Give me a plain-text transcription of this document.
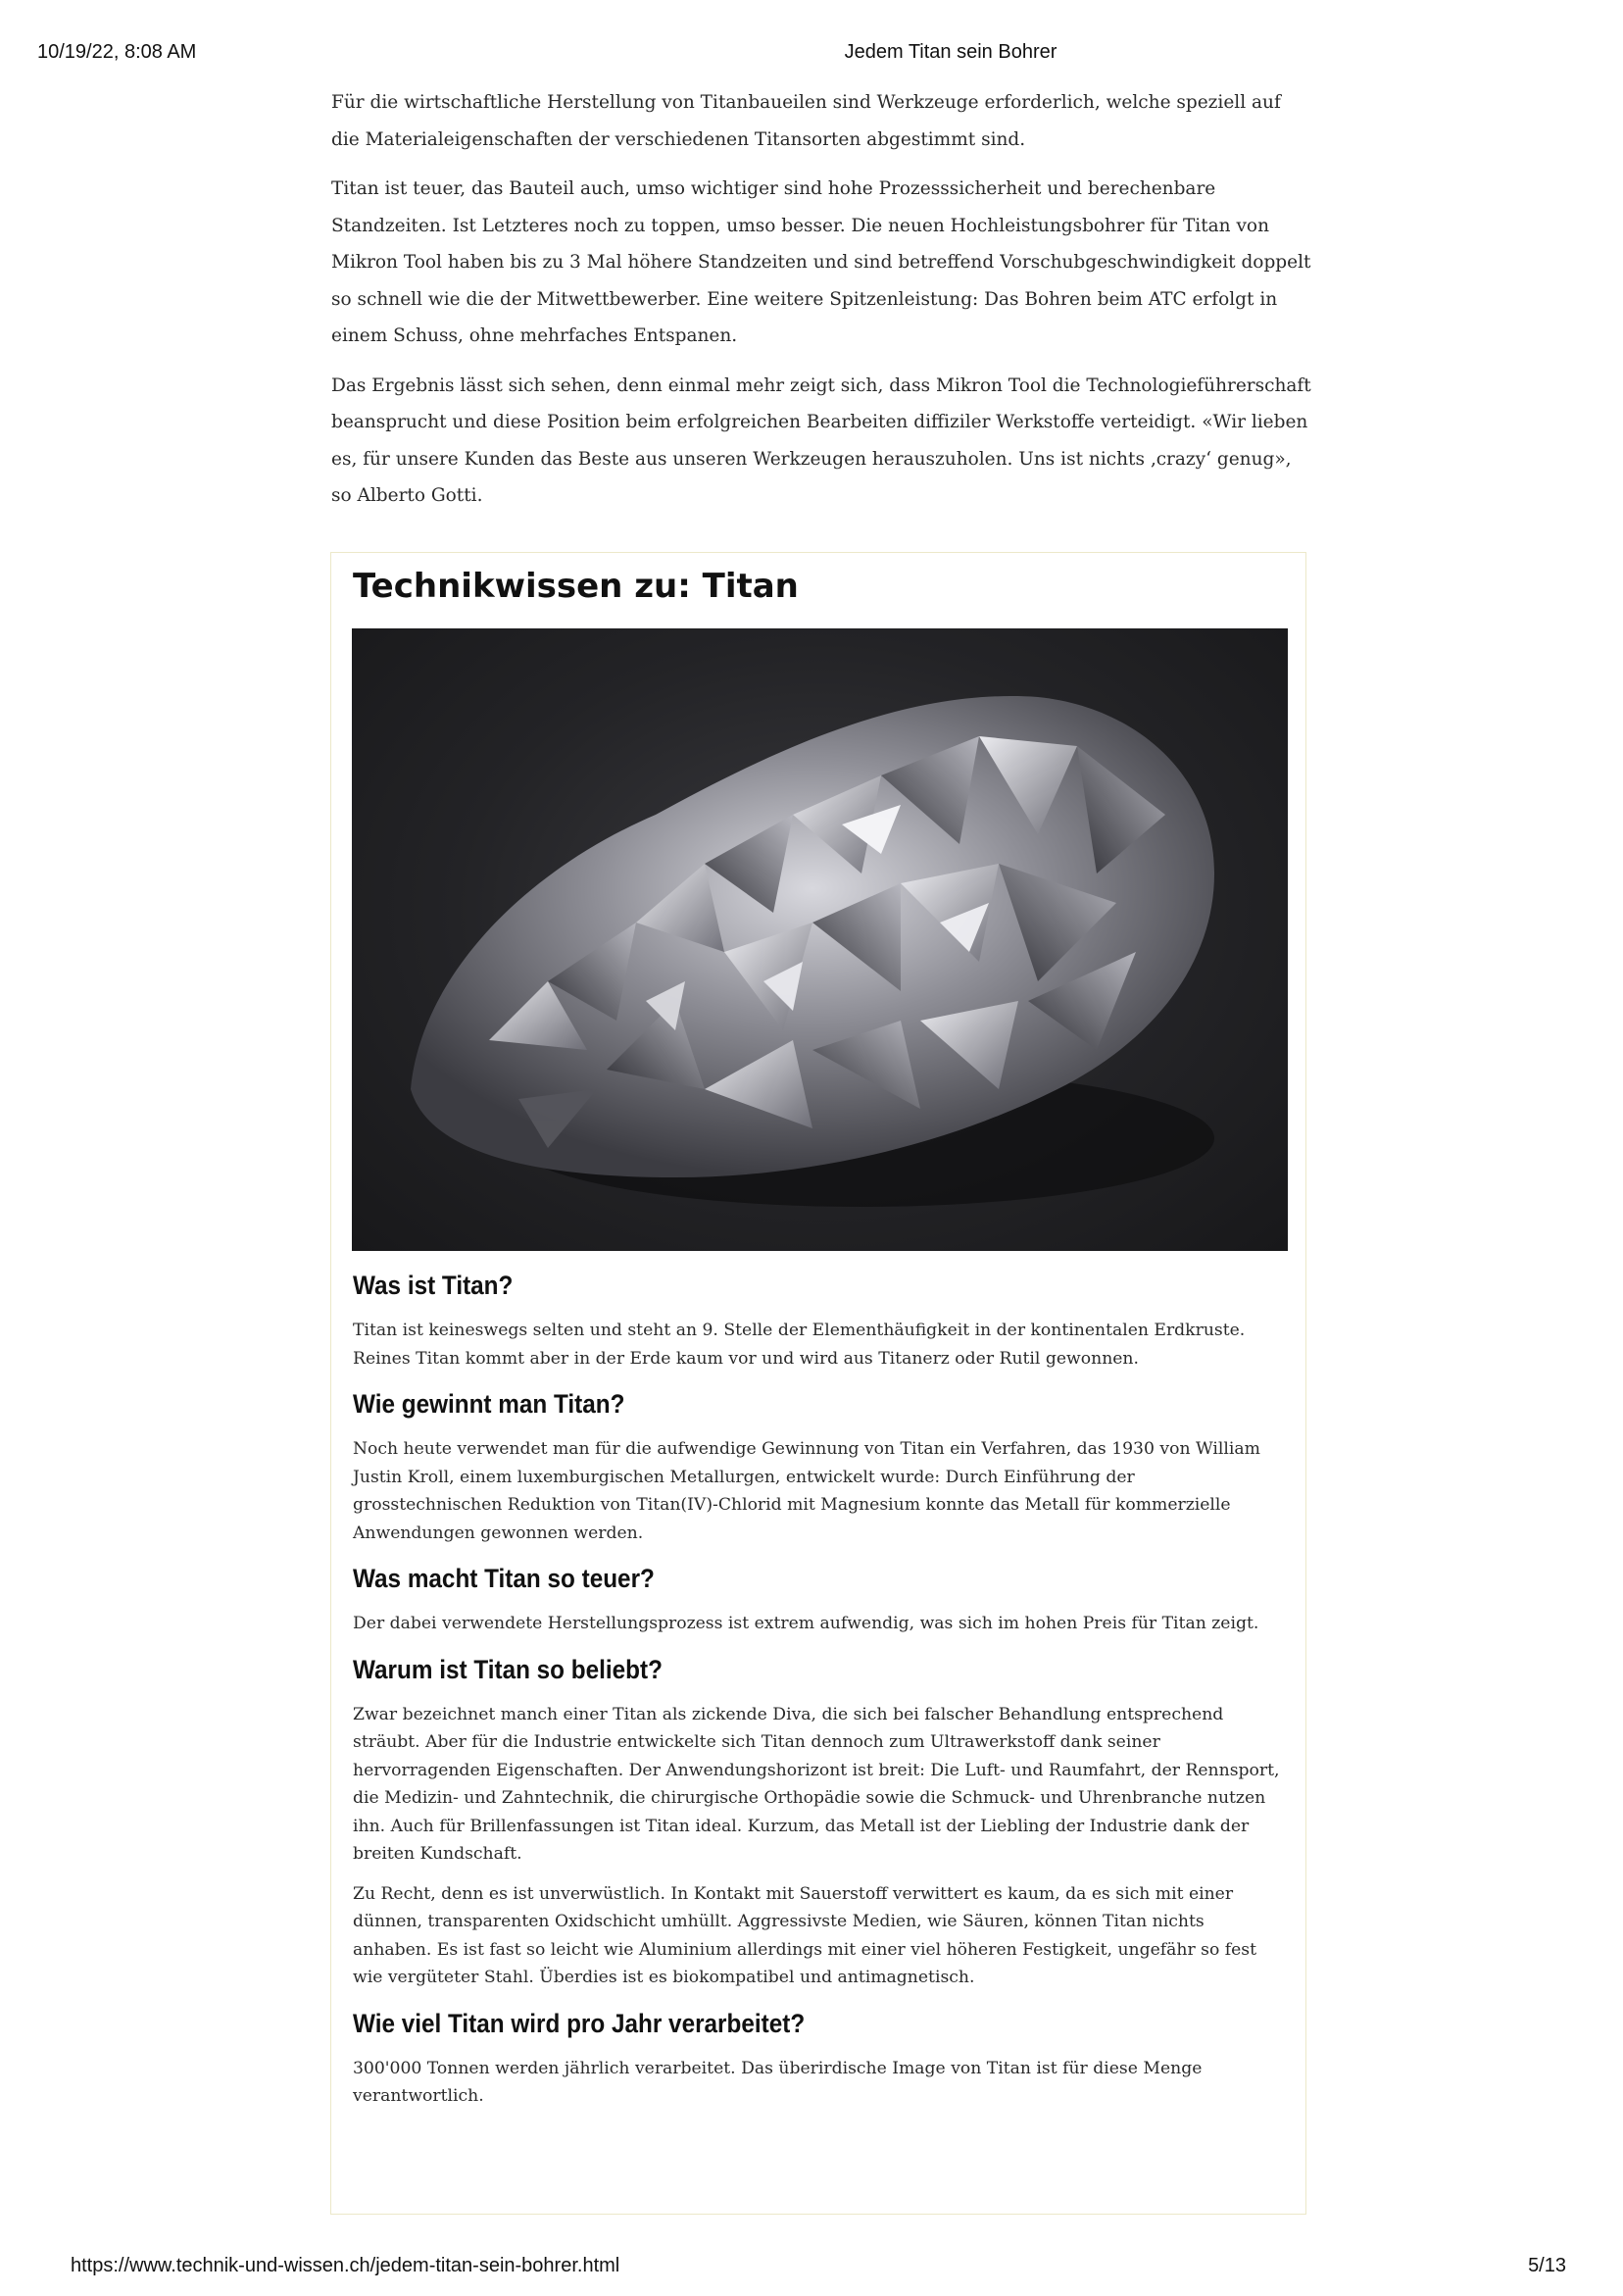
10/19/22, 8:08 AM	Jedem Titan sein Bohrer

Für die wirtschaftliche Herstellung von Titanbaueilen sind Werkzeuge erforderlich, welche speziell auf die Materialeigenschaften der verschiedenen Titansorten abgestimmt sind.

Titan ist teuer, das Bauteil auch, umso wichtiger sind hohe Prozesssicherheit und berechenbare Standzeiten. Ist Letzteres noch zu toppen, umso besser. Die neuen Hochleistungsbohrer für Titan von Mikron Tool haben bis zu 3 Mal höhere Standzeiten und sind betreffend Vorschubgeschwindigkeit doppelt so schnell wie die der Mitwettbewerber. Eine weitere Spitzenleistung: Das Bohren beim ATC erfolgt in einem Schuss, ohne mehrfaches Entspanen.

Das Ergebnis lässt sich sehen, denn einmal mehr zeigt sich, dass Mikron Tool die Technologieführerschaft beansprucht und diese Position beim erfolgreichen Bearbeiten diffiziler Werkstoffe verteidigt. «Wir lieben es, für unsere Kunden das Beste aus unseren Werkzeugen herauszuholen. Uns ist nichts ‚crazy‘ genug», so Alberto Gotti.

Technikwissen zu: Titan
Was ist Titan?

Titan ist keineswegs selten und steht an 9. Stelle der Elementhäufigkeit in der kontinentalen Erdkruste. Reines Titan kommt aber in der Erde kaum vor und wird aus Titanerz oder Rutil gewonnen.

Wie gewinnt man Titan?

Noch heute verwendet man für die aufwendige Gewinnung von Titan ein Verfahren, das 1930 von William Justin Kroll, einem luxemburgischen Metallurgen, entwickelt wurde: Durch Einführung der grosstechnischen Reduktion von Titan(IV)-Chlorid mit Magnesium konnte das Metall für kommerzielle Anwendungen gewonnen werden.

Was macht Titan so teuer?

Der dabei verwendete Herstellungsprozess ist extrem aufwendig, was sich im hohen Preis für Titan zeigt.

Warum ist Titan so beliebt?

Zwar bezeichnet manch einer Titan als zickende Diva, die sich bei falscher Behandlung entsprechend sträubt. Aber für die Industrie entwickelte sich Titan dennoch zum Ultrawerkstoff dank seiner hervorragenden Eigenschaften. Der Anwendungshorizont ist breit: Die Luft- und Raumfahrt, der Rennsport, die Medizin- und Zahntechnik, die chirurgische Orthopädie sowie die Schmuck- und Uhrenbranche nutzen ihn. Auch für Brillenfassungen ist Titan ideal. Kurzum, das Metall ist der Liebling der Industrie dank der breiten Kundschaft.

Zu Recht, denn es ist unverwüstlich. In Kontakt mit Sauerstoff verwittert es kaum, da es sich mit einer dünnen, transparenten Oxidschicht umhüllt. Aggressivste Medien, wie Säuren, können Titan nichts anhaben. Es ist fast so leicht wie Aluminium allerdings mit einer viel höheren Festigkeit, ungefähr so fest wie vergüteter Stahl. Überdies ist es biokompatibel und antimagnetisch.

Wie viel Titan wird pro Jahr verarbeitet?

300'000 Tonnen werden jährlich verarbeitet. Das überirdische Image von Titan ist für diese Menge verantwortlich.

https://www.technik-und-wissen.ch/jedem-titan-sein-bohrer.html	5/13
